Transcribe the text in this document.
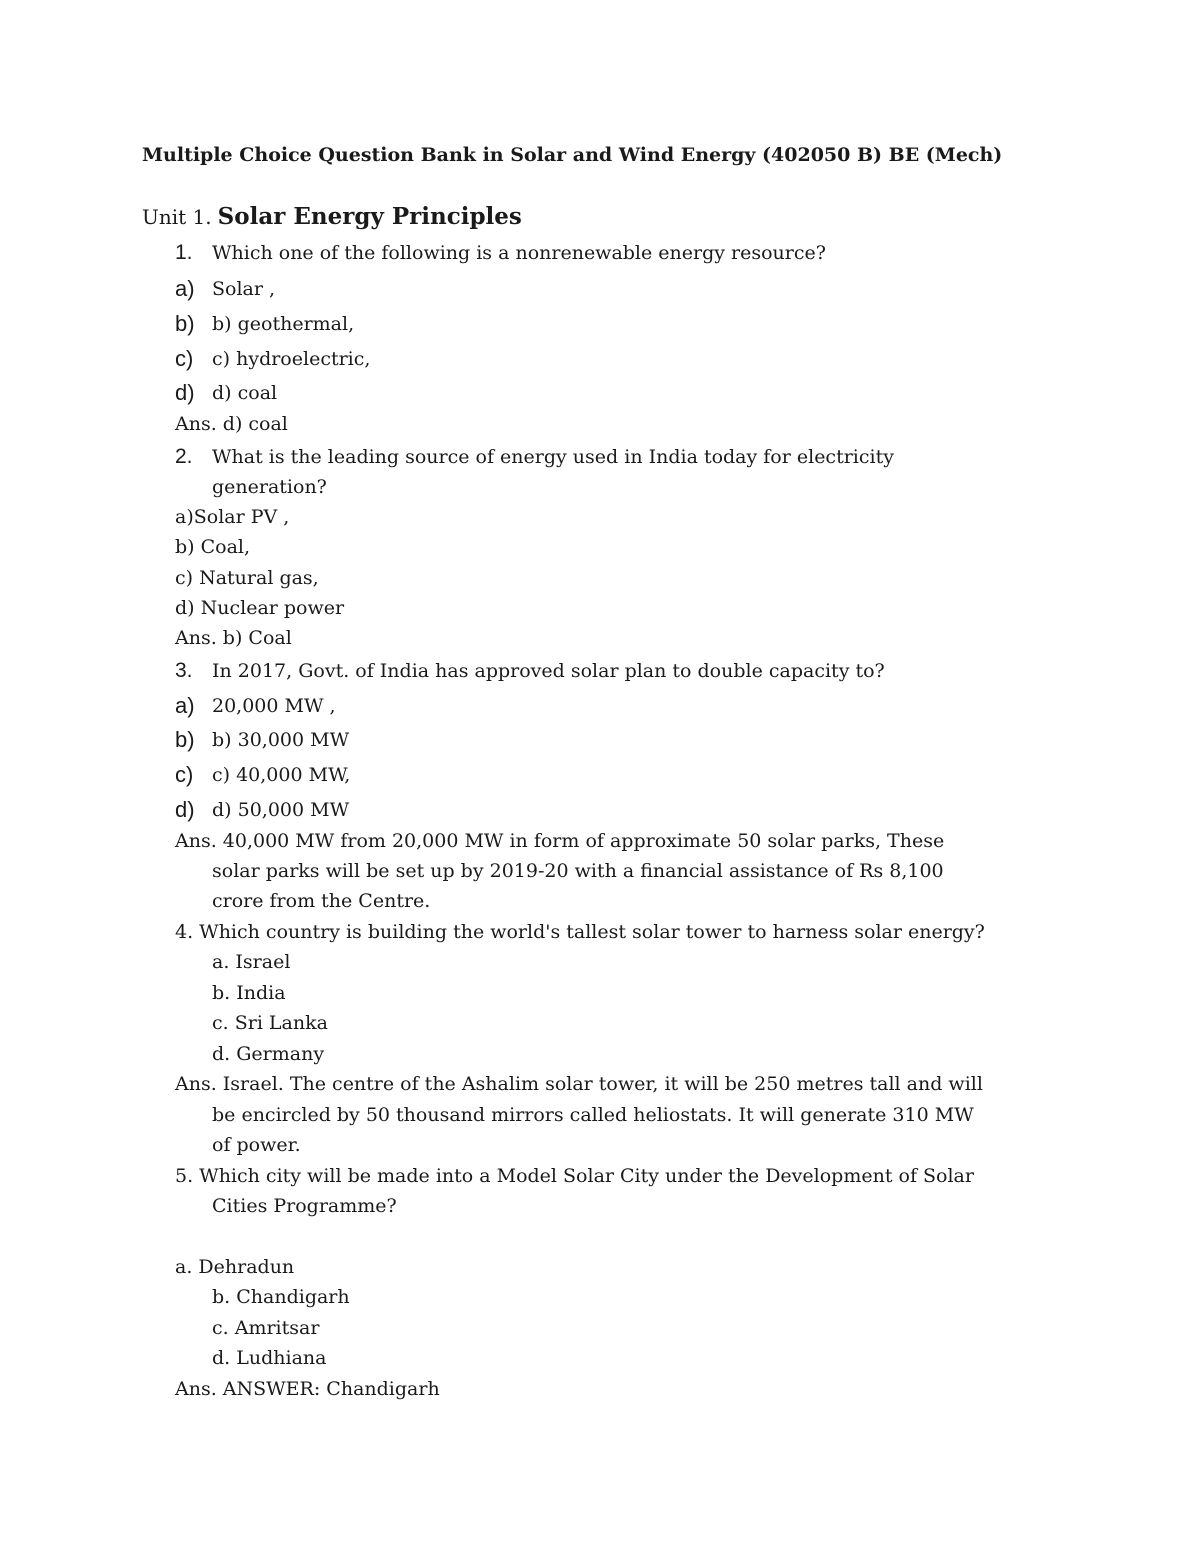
Multiple Choice Question Bank in Solar and Wind Energy (402050 B) BE (Mech)
Unit 1. Solar Energy Principles
1. Which one of the following is a nonrenewable energy resource?
a) Solar ,
b) b) geothermal,
c) c) hydroelectric,
d) d) coal
Ans. d) coal
2. What is the leading source of energy used in India today for electricity
generation?
a)Solar PV ,
b) Coal,
c) Natural gas,
d) Nuclear power
Ans. b) Coal
3. In 2017, Govt. of India has approved solar plan to double capacity to?
a) 20,000 MW ,
b) b) 30,000 MW
c) c) 40,000 MW,
d) d) 50,000 MW
Ans. 40,000 MW from 20,000 MW in form of approximate 50 solar parks, These
solar parks will be set up by 2019-20 with a financial assistance of Rs 8,100
crore from the Centre.
4. Which country is building the world's tallest solar tower to harness solar energy?
a. Israel
b. India
c. Sri Lanka
d. Germany
Ans. Israel. The centre of the Ashalim solar tower, it will be 250 metres tall and will
be encircled by 50 thousand mirrors called heliostats. It will generate 310 MW
of power.
5. Which city will be made into a Model Solar City under the Development of Solar
Cities Programme?
a. Dehradun
b. Chandigarh
c. Amritsar
d. Ludhiana
Ans. ANSWER: Chandigarh
